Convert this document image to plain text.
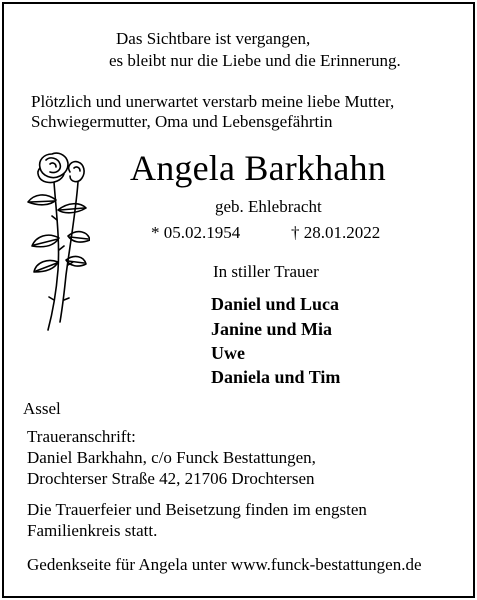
Das Sichtbare ist vergangen,
es bleibt nur die Liebe und die Erinnerung.
Plötzlich und unerwartet verstarb meine liebe Mutter,
Schwiegermutter, Oma und Lebensgefährtin
Angela Barkhahn
geb. Ehlebracht
* 05.02.1954	† 28.01.2022
In stiller Trauer
Daniel und Luca
Janine und Mia
Uwe
Daniela und Tim
Assel
Traueranschrift:
Daniel Barkhahn, c/o Funck Bestattungen,
Drochterser Straße 42, 21706 Drochtersen
Die Trauerfeier und Beisetzung finden im engsten
Familienkreis statt.
Gedenkseite für Angela unter www.funck-bestattungen.de
